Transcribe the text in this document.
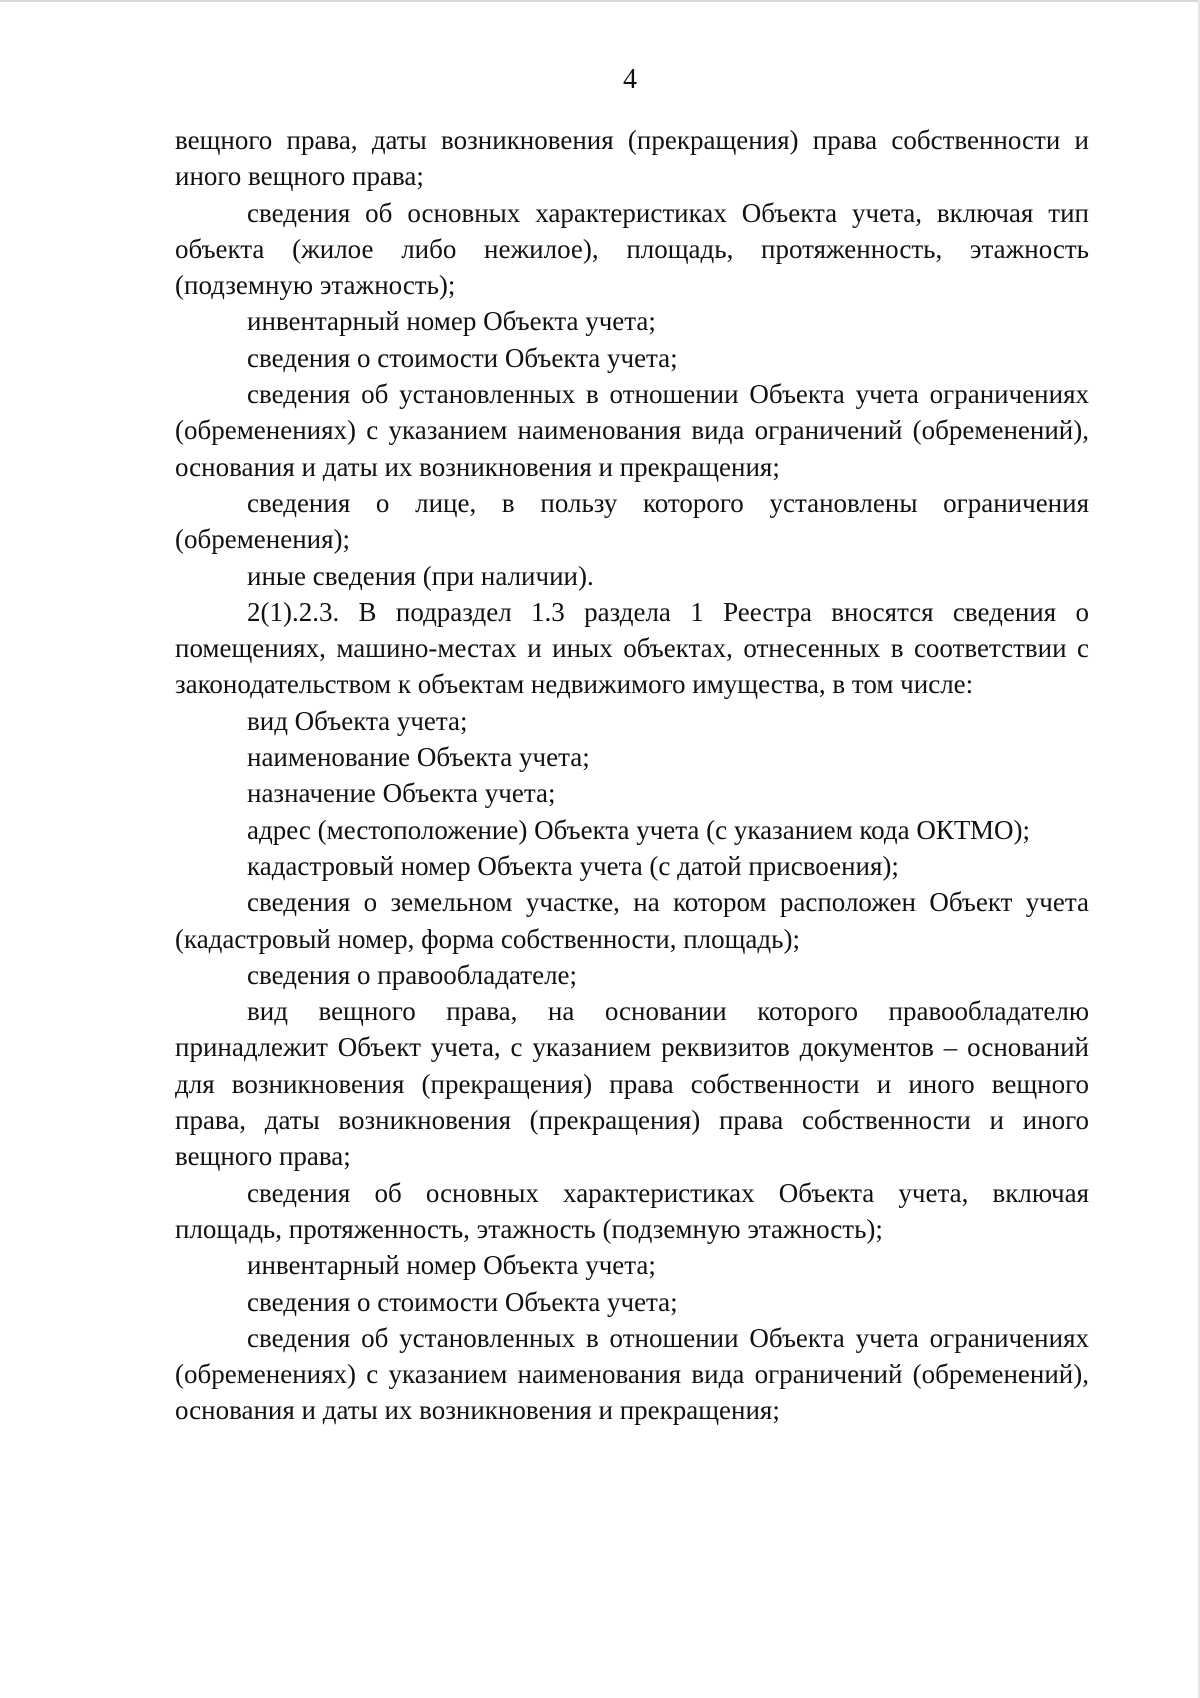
4

вещного права, даты возникновения (прекращения) права собственности и иного вещного права;

сведения об основных характеристиках Объекта учета, включая тип объекта (жилое либо нежилое), площадь, протяженность, этажность (подземную этажность);

инвентарный номер Объекта учета;

сведения о стоимости Объекта учета;

сведения об установленных в отношении Объекта учета ограничениях (обременениях) с указанием наименования вида ограничений (обременений), основания и даты их возникновения и прекращения;

сведения о лице, в пользу которого установлены ограничения (обременения);

иные сведения (при наличии).

2(1).2.3. В подраздел 1.3 раздела 1 Реестра вносятся сведения о помещениях, машино-местах и иных объектах, отнесенных в соответствии с законодательством к объектам недвижимого имущества, в том числе:

вид Объекта учета;

наименование Объекта учета;

назначение Объекта учета;

адрес (местоположение) Объекта учета (с указанием кода ОКТМО);

кадастровый номер Объекта учета (с датой присвоения);

сведения о земельном участке, на котором расположен Объект учета (кадастровый номер, форма собственности, площадь);

сведения о правообладателе;

вид вещного права, на основании которого правообладателю принадлежит Объект учета, с указанием реквизитов документов – оснований для возникновения (прекращения) права собственности и иного вещного права, даты возникновения (прекращения) права собственности и иного вещного права;

сведения об основных характеристиках Объекта учета, включая площадь, протяженность, этажность (подземную этажность);

инвентарный номер Объекта учета;

сведения о стоимости Объекта учета;

сведения об установленных в отношении Объекта учета ограничениях (обременениях) с указанием наименования вида ограничений (обременений), основания и даты их возникновения и прекращения;
